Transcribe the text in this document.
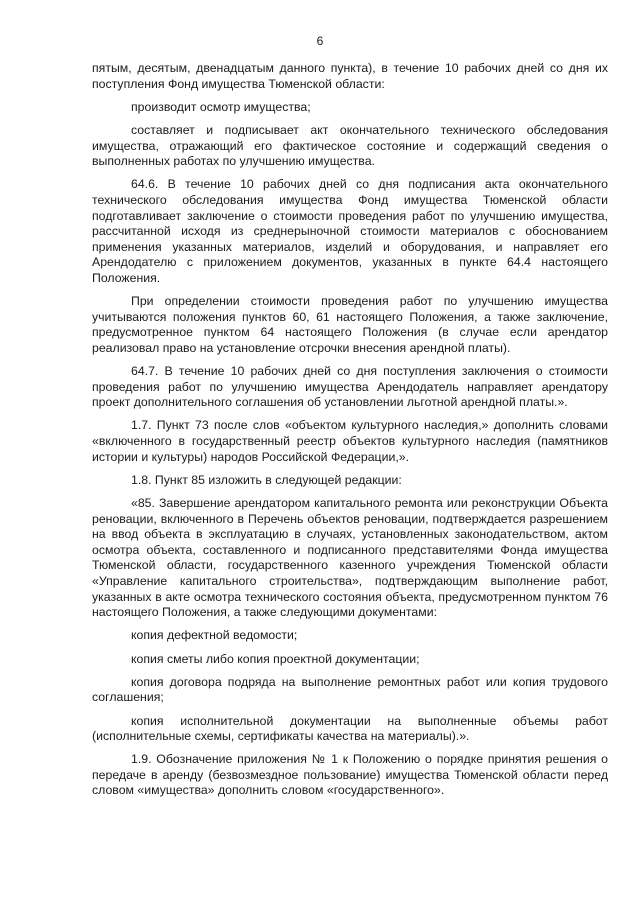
6

пятым, десятым, двенадцатым данного пункта), в течение 10 рабочих дней со дня их поступления Фонд имущества Тюменской области:

производит осмотр имущества;

составляет и подписывает акт окончательного технического обследования имущества, отражающий его фактическое состояние и содержащий сведения о выполненных работах по улучшению имущества.

64.6. В течение 10 рабочих дней со дня подписания акта окончательного технического обследования имущества Фонд имущества Тюменской области подготавливает заключение о стоимости проведения работ по улучшению имущества, рассчитанной исходя из среднерыночной стоимости материалов с обоснованием применения указанных материалов, изделий и оборудования, и направляет его Арендодателю с приложением документов, указанных в пункте 64.4 настоящего Положения.

При определении стоимости проведения работ по улучшению имущества учитываются положения пунктов 60, 61 настоящего Положения, а также заключение, предусмотренное пунктом 64 настоящего Положения (в случае если арендатор реализовал право на установление отсрочки внесения арендной платы).

64.7. В течение 10 рабочих дней со дня поступления заключения о стоимости проведения работ по улучшению имущества Арендодатель направляет арендатору проект дополнительного соглашения об установлении льготной арендной платы.».

1.7. Пункт 73 после слов «объектом культурного наследия,» дополнить словами «включенного в государственный реестр объектов культурного наследия (памятников истории и культуры) народов Российской Федерации,».

1.8. Пункт 85 изложить в следующей редакции:

«85. Завершение арендатором капитального ремонта или реконструкции Объекта реновации, включенного в Перечень объектов реновации, подтверждается разрешением на ввод объекта в эксплуатацию в случаях, установленных законодательством, актом осмотра объекта, составленного и подписанного представителями Фонда имущества Тюменской области, государственного казенного учреждения Тюменской области «Управление капитального строительства», подтверждающим выполнение работ, указанных в акте осмотра технического состояния объекта, предусмотренном пунктом 76 настоящего Положения, а также следующими документами:

копия дефектной ведомости;

копия сметы либо копия проектной документации;

копия договора подряда на выполнение ремонтных работ или копия трудового соглашения;

копия исполнительной документации на выполненные объемы работ (исполнительные схемы, сертификаты качества на материалы).».

1.9. Обозначение приложения № 1 к Положению о порядке принятия решения о передаче в аренду (безвозмездное пользование) имущества Тюменской области перед словом «имущества» дополнить словом «государственного».
